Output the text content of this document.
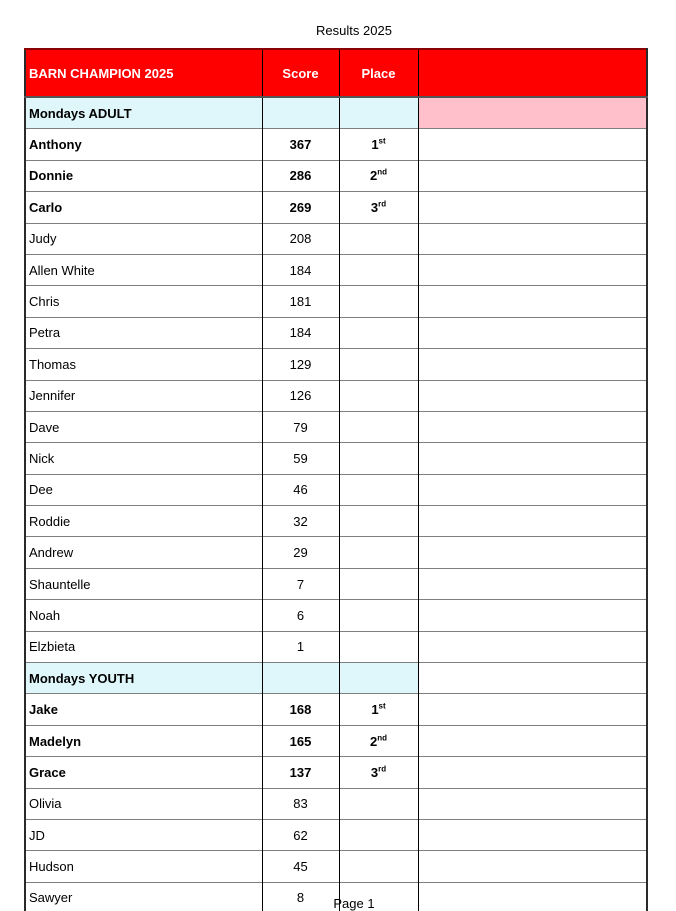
Results 2025
BARN CHAMPION 2025	Score	Place	
Mondays ADULT			
Anthony	367	1st	
Donnie	286	2nd	
Carlo	269	3rd	
Judy	208		
Allen White	184		
Chris	181		
Petra	184		
Thomas	129		
Jennifer	126		
Dave	79		
Nick	59		
Dee	46		
Roddie	32		
Andrew	29		
Shauntelle	7		
Noah	6		
Elzbieta	1		
Mondays YOUTH			
Jake	168	1st	
Madelyn	165	2nd	
Grace	137	3rd	
Olivia	83		
JD	62		
Hudson	45		
Sawyer	8			Page 1
